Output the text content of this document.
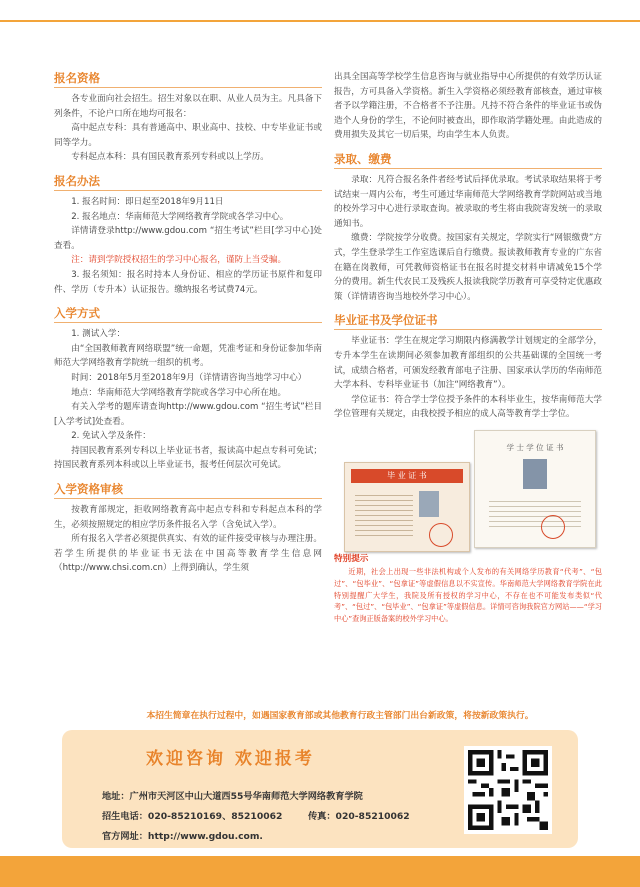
报名资格

各专业面向社会招生。招生对象以在职、从业人员为主。凡具备下列条件，不论户口所在地均可报名：

高中起点专科：具有普通高中、职业高中、技校、中专毕业证书或同等学力。

专科起点本科：具有国民教育系列专科或以上学历。

报名办法

1. 报名时间：即日起至2018年9月11日

2. 报名地点：华南师范大学网络教育学院或各学习中心。

详情请登录http://www.gdou.com “招生考试”栏目[学习中心]处查看。

注：请到学院授权招生的学习中心报名，谨防上当受骗。

3. 报名须知：报名时持本人身份证、相应的学历证书原件和复印件、学历（专升本）认证报告。缴纳报名考试费74元。

入学方式

1. 测试入学：

由“全国教师教育网络联盟”统一命题，凭准考证和身份证参加华南师范大学网络教育学院统一组织的机考。

时间：2018年5月至2018年9月（详情请咨询当地学习中心）

地点：华南师范大学网络教育学院或各学习中心所在地。

有关入学考的题库请查询http://www.gdou.com “招生考试”栏目[入学考试]处查看。

2. 免试入学及条件：

持国民教育系列专科以上毕业证书者，报读高中起点专科可免试；持国民教育系列本科或以上毕业证书，报考任何层次可免试。

入学资格审核

按教育部规定，拒收网络教育高中起点专科和专科起点本科的学生，必须按照规定的相应学历条件报名入学（含免试入学）。

所有报名入学者必须提供真实、有效的证件接受审核与办理注册。若学生所提供的毕业证书无法在中国高等教育学生信息网（http://www.chsi.com.cn）上得到确认，学生须

出具全国高等学校学生信息咨询与就业指导中心所提供的有效学历认证报告，方可具备入学资格。新生入学资格必须经教育部核查，通过审核者予以学籍注册，不合格者不予注册。凡持不符合条件的毕业证书或伪造个人身份的学生，不论何时被查出，即作取消学籍处理。由此造成的费用损失及其它一切后果，均由学生本人负责。

录取、缴费

录取：凡符合报名条件者经考试后择优录取。考试录取结果将于考试结束一周内公布，考生可通过华南师范大学网络教育学院网站或当地的校外学习中心进行录取查询。被录取的考生将由我院寄发统一的录取通知书。

缴费：学院按学分收费。按国家有关规定，学院实行“网银缴费”方式，学生登录学生工作室选课后自行缴费。报读教师教育专业的广东省在籍在岗教师，可凭教师资格证书在报名时提交材料申请减免15个学分的费用。新生代农民工及残疾人报读我院学历教育可享受特定优惠政策（详情请咨询当地校外学习中心）。

毕业证书及学位证书

毕业证书：学生在规定学习期限内修满教学计划规定的全部学分，专升本学生在读期间必须参加教育部组织的公共基础课的全国统一考试，成绩合格者，可颁发经教育部电子注册、国家承认学历的华南师范大学本科、专科毕业证书（加注“网络教育”）。

学位证书：符合学士学位授予条件的本科毕业生，按华南师范大学学位管理有关规定，由我校授予相应的成人高等教育学士学位。

毕 业 证 书
学 士 学 位 证 书
特别提示

近期，社会上出现一些非法机构或个人发布的有关网络学历教育“代考”、“包过”、“包毕业”、“包拿证”等虚假信息以不实宣传。华南师范大学网络教育学院在此特别提醒广大学生，我院及所有授权的学习中心，不存在也不可能发布类似“代考”、“包过”、“包毕业”、“包拿证”等虚假信息。详情可咨询我院官方网站——“学习中心”查询正版备案的校外学习中心。

本招生简章在执行过程中，如遇国家教育部或其他教育行政主管部门出台新政策，将按新政策执行。
欢迎咨询 欢迎报考
地址：广州市天河区中山大道西55号华南师范大学网络教育学院
招生电话：020-85210169、85210062	传真：020-85210062
官方网址：http://www.gdou.com.
